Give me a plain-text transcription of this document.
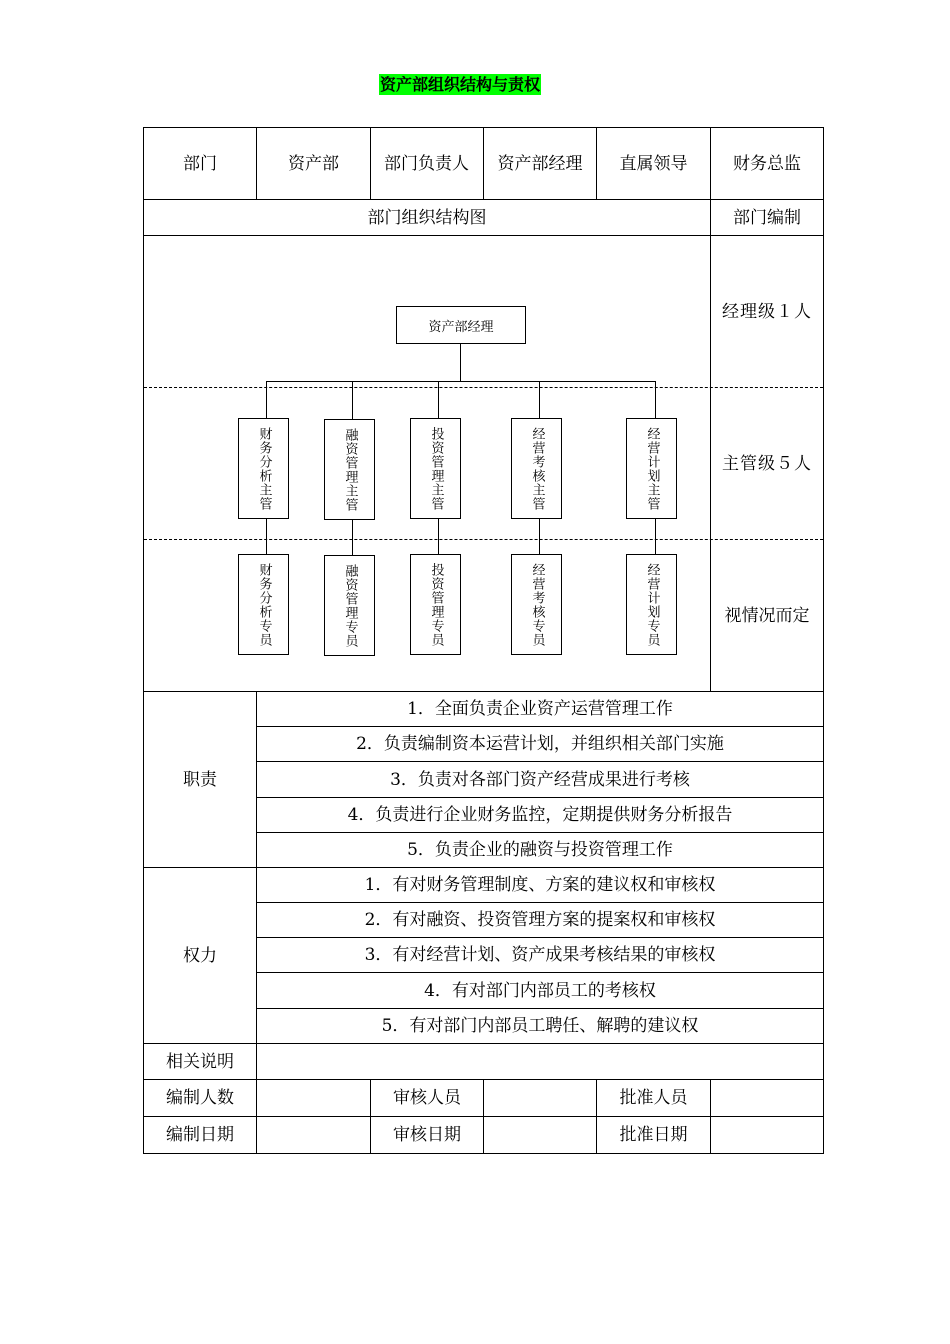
资产部组织结构与责权
部门	资产部	部门负责人	资产部经理	直属领导	财务总监
部门组织结构图	部门编制
资产部经理
财务分析主管	融资管理主管	投资管理主管	经营考核主管	经营计划主管
财务分析专员	融资管理专员	投资管理专员	经营考核专员	经营计划专员
经理级１人
主管级５人
视情况而定
职责
1．全面负责企业资产运营管理工作
2．负责编制资本运营计划，并组织相关部门实施
3．负责对各部门资产经营成果进行考核
4．负责进行企业财务监控，定期提供财务分析报告
5．负责企业的融资与投资管理工作
权力
1．有对财务管理制度、方案的建议权和审核权
2．有对融资、投资管理方案的提案权和审核权
3．有对经营计划、资产成果考核结果的审核权
4．有对部门内部员工的考核权
5．有对部门内部员工聘任、解聘的建议权
相关说明
编制人数	审核人员	批准人员
编制日期	审核日期	批准日期
